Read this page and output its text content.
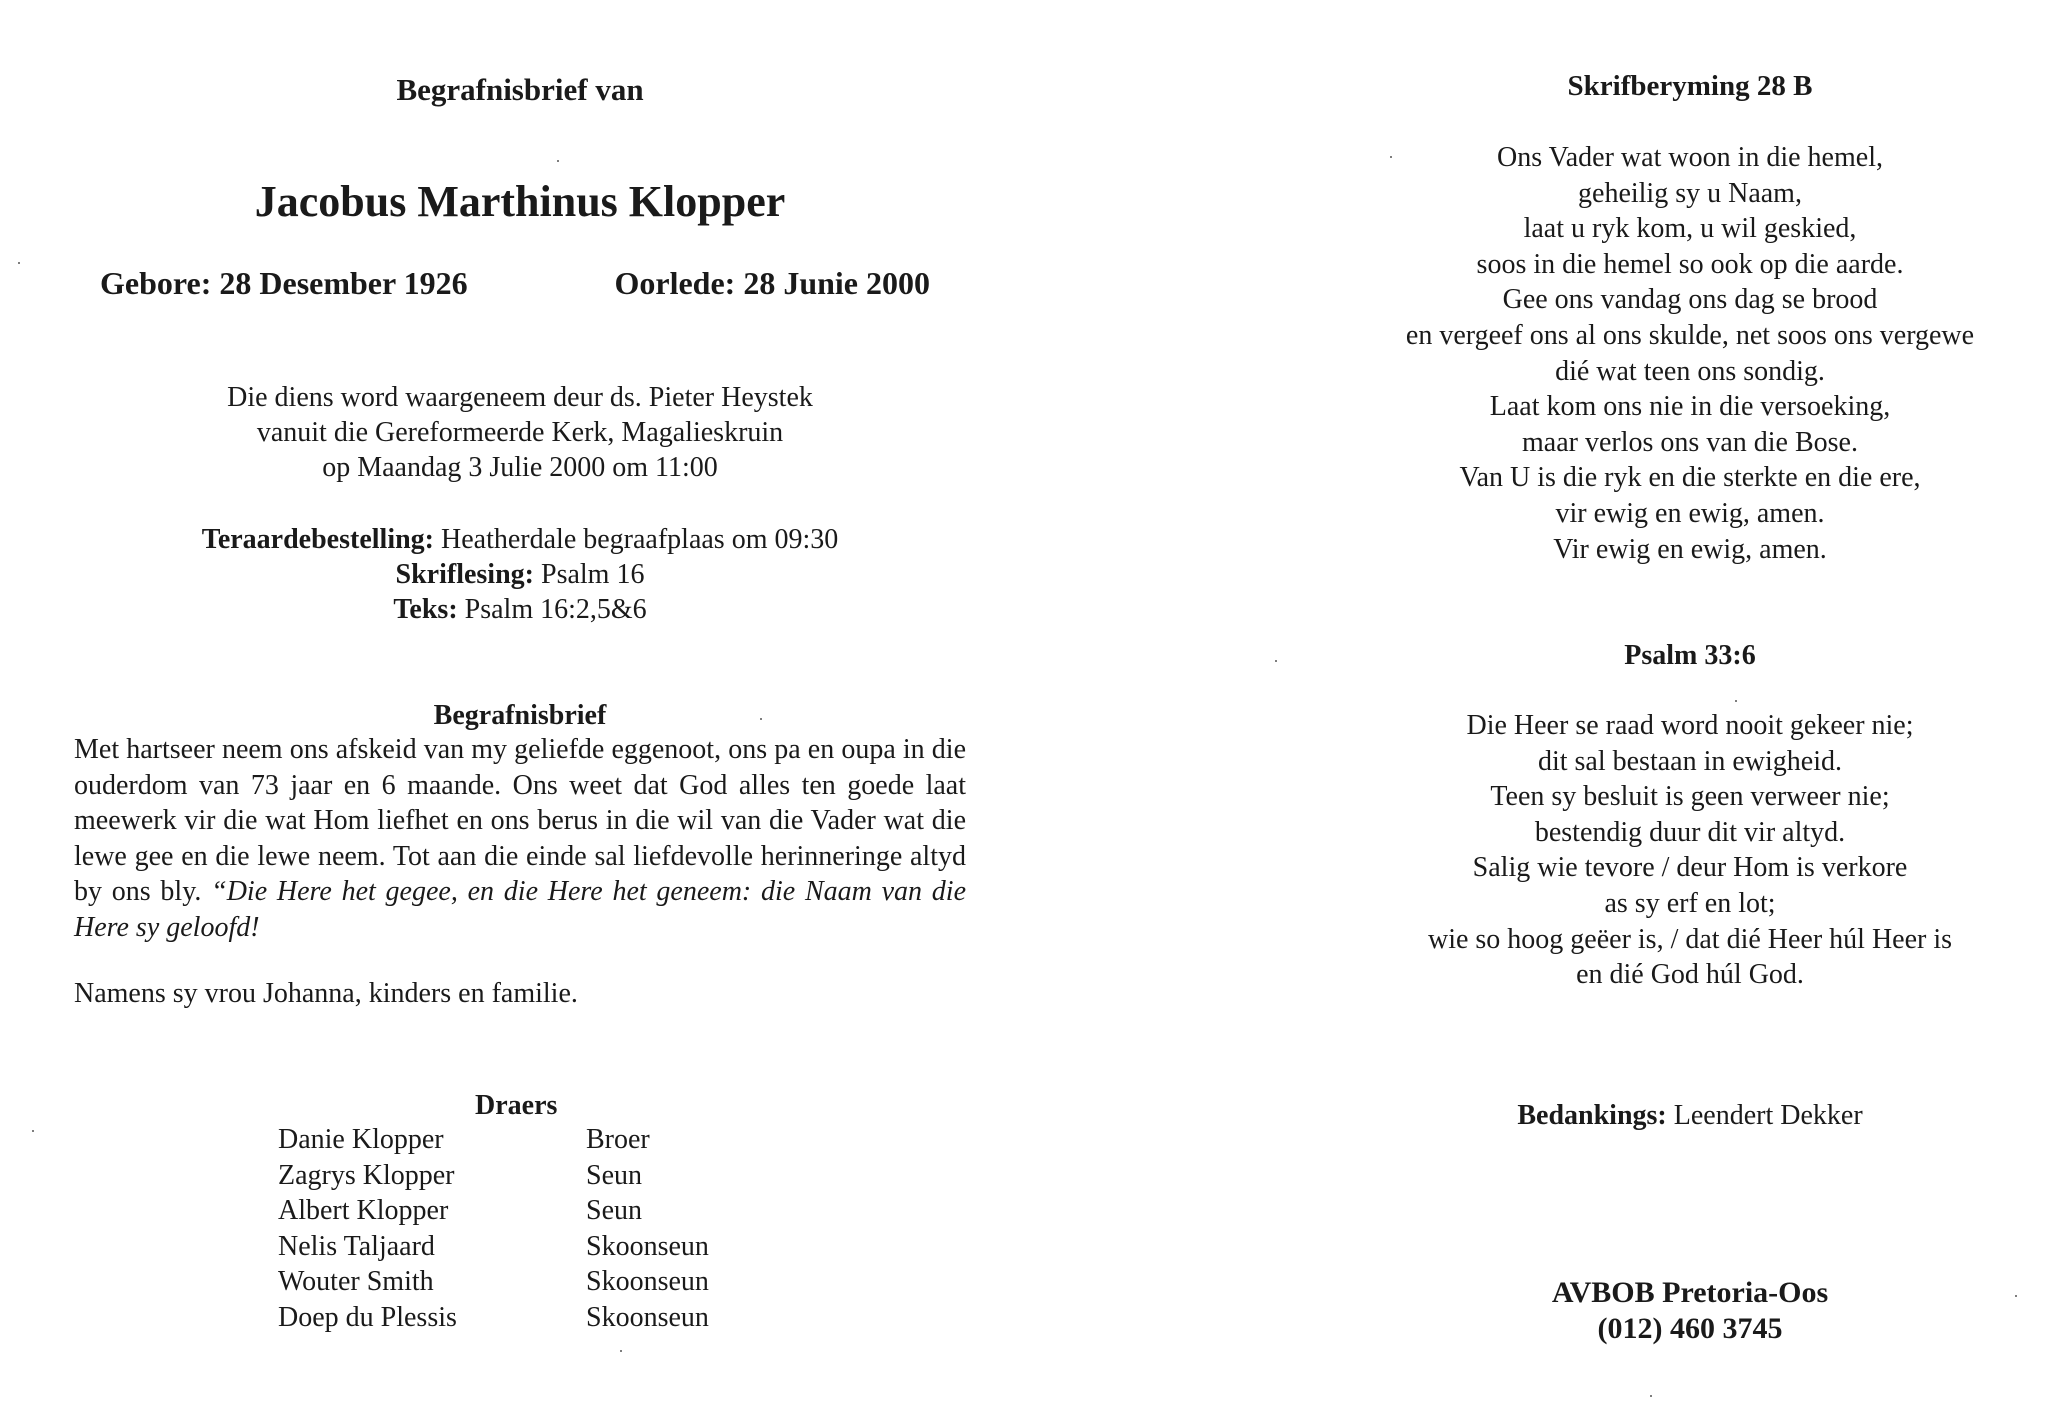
Begrafnisbrief van
Jacobus Marthinus Klopper
Gebore: 28 Desember 1926	Oorlede: 28 Junie 2000
Die diens word waargeneem deur ds. Pieter Heystek
vanuit die Gereformeerde Kerk, Magalieskruin
op Maandag 3 Julie 2000 om 11:00
Teraardebestelling: Heatherdale begraafplaas om 09:30
Skriflesing: Psalm 16
Teks: Psalm 16:2,5&6
Begrafnisbrief
Met hartseer neem ons afskeid van my geliefde eggenoot, ons pa en oupa in die ouderdom van 73 jaar en 6 maande. Ons weet dat God alles ten goede laat meewerk vir die wat Hom liefhet en ons berus in die wil van die Vader wat die lewe gee en die lewe neem. Tot aan die einde sal liefdevolle herinneringe altyd by ons bly. “Die Here het gegee, en die Here het geneem: die Naam van die Here sy geloofd!
Namens sy vrou Johanna, kinders en familie.
Draers
Danie Klopper	Broer
Zagrys Klopper	Seun
Albert Klopper	Seun
Nelis Taljaard	Skoonseun
Wouter Smith	Skoonseun
Doep du Plessis	Skoonseun
Skrifberyming 28 B
Ons Vader wat woon in die hemel,
geheilig sy u Naam,
laat u ryk kom, u wil geskied,
soos in die hemel so ook op die aarde.
Gee ons vandag ons dag se brood
en vergeef ons al ons skulde, net soos ons vergewe
dié wat teen ons sondig.
Laat kom ons nie in die versoeking,
maar verlos ons van die Bose.
Van U is die ryk en die sterkte en die ere,
vir ewig en ewig, amen.
Vir ewig en ewig, amen.
Psalm 33:6
Die Heer se raad word nooit gekeer nie;
dit sal bestaan in ewigheid.
Teen sy besluit is geen verweer nie;
bestendig duur dit vir altyd.
Salig wie tevore / deur Hom is verkore
as sy erf en lot;
wie so hoog geëer is, / dat dié Heer húl Heer is
en dié God húl God.
Bedankings: Leendert Dekker
AVBOB Pretoria-Oos
(012) 460 3745
